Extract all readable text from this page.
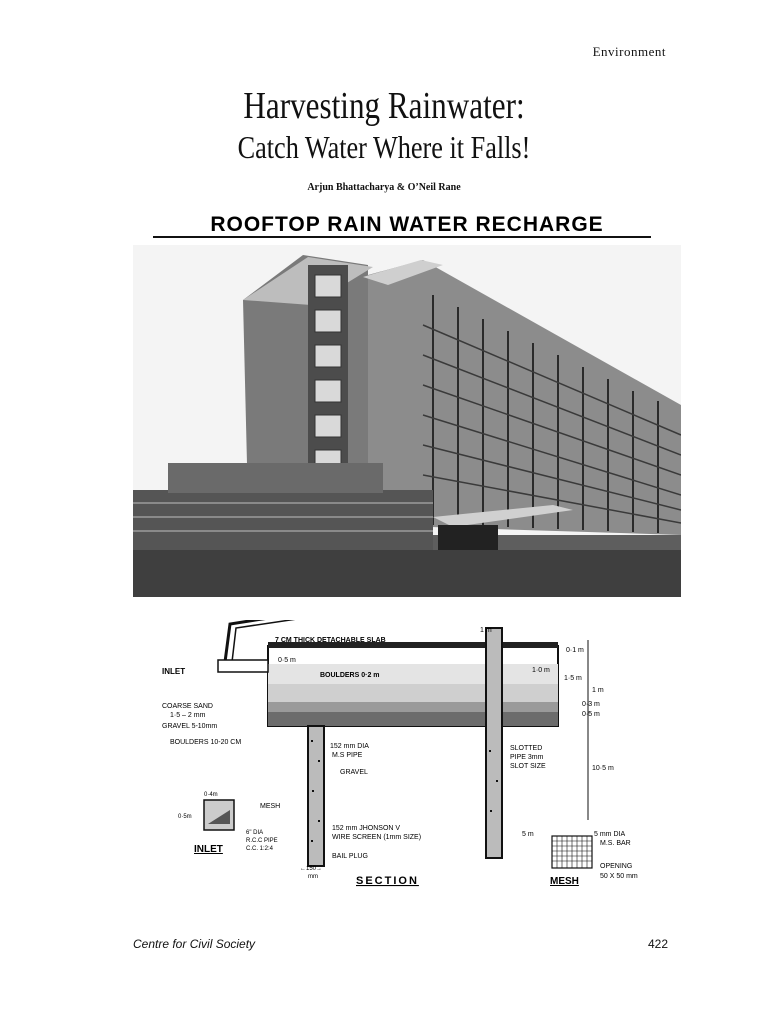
Environment
Harvesting Rainwater:
Catch Water Where it Falls!
Arjun Bhattacharya & O’Neil Rane
ROOFTOP RAIN WATER RECHARGE
7 CM THICK DETACHABLE SLAB
INLET
0·5 m
BOULDERS 0·2 m
COARSE SAND
1·5 – 2 mm
GRAVEL 5-10mm
BOULDERS 10-20 CM
152 mm DIA
M.S PIPE
GRAVEL
SLOTTED
PIPE 3mm
SLOT SIZE
1 m
0·1 m
1·0 m
1·5 m
1 m
0·3 m
0·5 m
10·5 m
5 m
152 mm JHONSON V
WIRE SCREEN (1mm SIZE)
BAIL PLUG
←150→
mm
MESH
0·4m
0·5m
6" DIA
R.C.C PIPE
C.C. 1:2:4
INLET
SECTION
5 mm DIA
M.S. BAR
OPENING
50 X 50 mm
MESH
Centre for Civil Society	422
